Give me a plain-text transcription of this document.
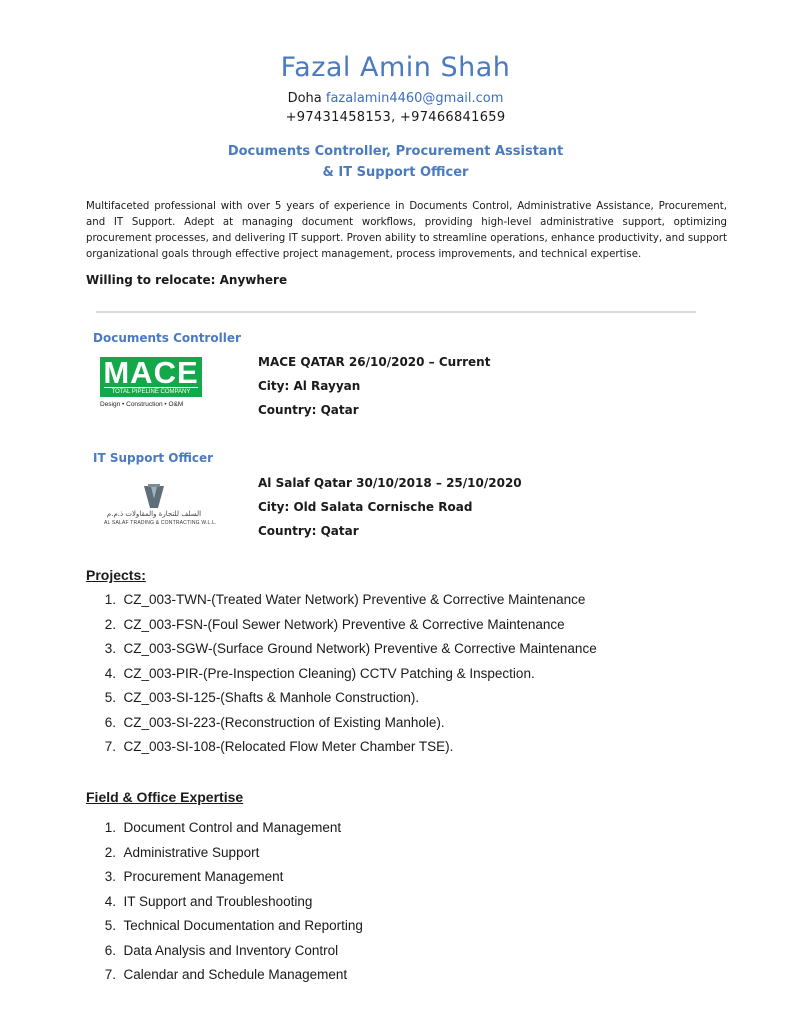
Fazal Amin Shah
Doha fazalamin4460@gmail.com
+97431458153, +97466841659
Documents Controller, Procurement Assistant
& IT Support Officer
Multifaceted professional with over 5 years of experience in Documents Control, Administrative Assistance, Procurement, and IT Support. Adept at managing document workflows, providing high-level administrative support, optimizing procurement processes, and delivering IT support. Proven ability to streamline operations, enhance productivity, and support organizational goals through effective project management, process improvements, and technical expertise.
Willing to relocate: Anywhere
Documents Controller
MACE
TOTAL PIPELINE COMPANY
Design • Construction • O&M
MACE QATAR 26/10/2020 – Current
City: Al Rayyan
Country: Qatar
IT Support Officer
السلف للتجارة والمقاولات ذ.م.م
AL SALAF TRADING & CONTRACTING W.L.L.
Al Salaf Qatar 30/10/2018 – 25/10/2020
City: Old Salata Cornische Road
Country: Qatar
Projects:
1. CZ_003-TWN-(Treated Water Network) Preventive & Corrective Maintenance
2. CZ_003-FSN-(Foul Sewer Network) Preventive & Corrective Maintenance
3. CZ_003-SGW-(Surface Ground Network) Preventive & Corrective Maintenance
4. CZ_003-PIR-(Pre-Inspection Cleaning) CCTV Patching & Inspection.
5. CZ_003-SI-125-(Shafts & Manhole Construction).
6. CZ_003-SI-223-(Reconstruction of Existing Manhole).
7. CZ_003-SI-108-(Relocated Flow Meter Chamber TSE).
Field & Office Expertise
1. Document Control and Management
2. Administrative Support
3. Procurement Management
4. IT Support and Troubleshooting
5. Technical Documentation and Reporting
6. Data Analysis and Inventory Control
7. Calendar and Schedule Management
